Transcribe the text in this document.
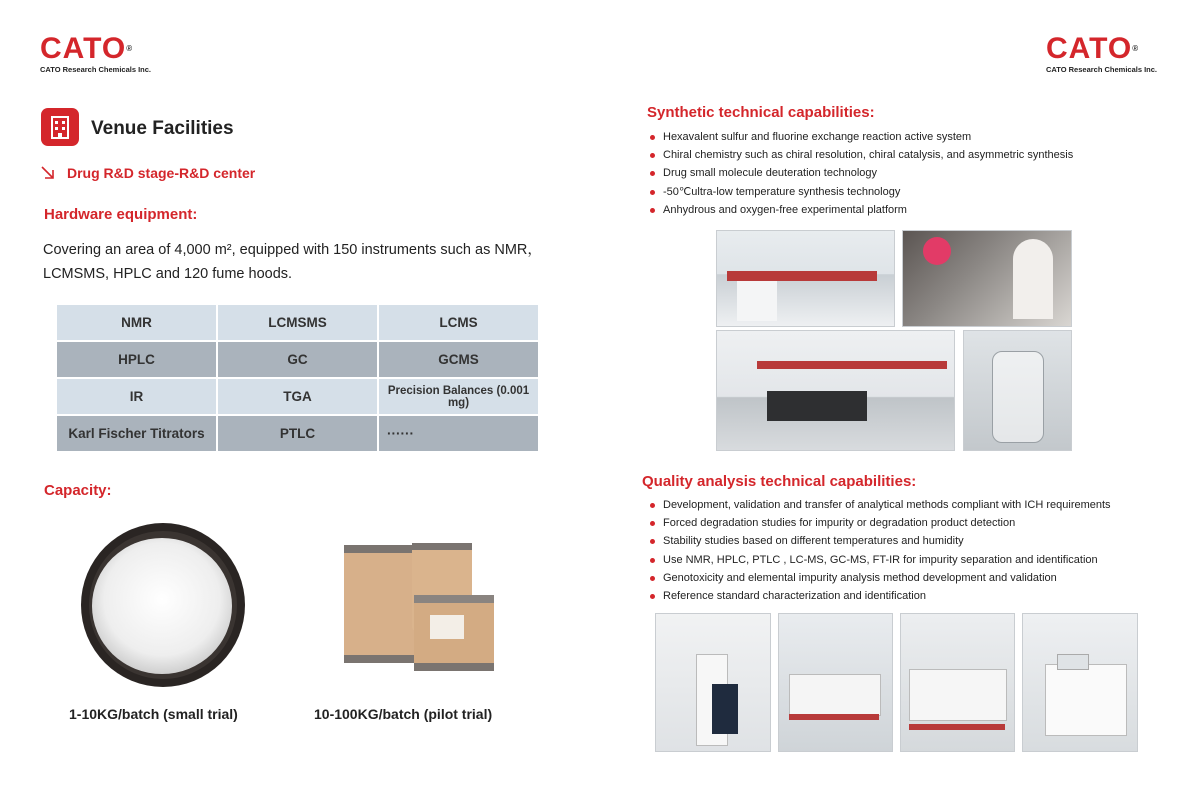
CATO®
CATO Research Chemicals Inc.
CATO®
CATO Research Chemicals Inc.
Venue Facilities
Drug R&D stage-R&D center
Hardware equipment:
Covering an area of 4,000 m², equipped with 150 instruments such as NMR，LCMSMS, HPLC and 120 fume hoods.
NMR	LCMSMS	LCMS
HPLC	GC	GCMS
IR	TGA	Precision Balances (0.001 mg)
Karl Fischer Titrators	PTLC	······
Capacity:
1-10KG/batch (small trial)	10-100KG/batch (pilot trial)
Synthetic technical capabilities:
Hexavalent sulfur and fluorine exchange reaction active system
Chiral chemistry such as chiral resolution, chiral catalysis, and asymmetric synthesis
Drug small molecule deuteration technology
-50℃ultra-low temperature synthesis technology
Anhydrous and oxygen-free experimental platform
Quality analysis technical capabilities:
Development, validation and transfer of analytical methods compliant with ICH requirements
Forced degradation studies for impurity or degradation product detection
Stability studies based on different temperatures and humidity
Use NMR, HPLC, PTLC , LC-MS, GC-MS, FT-IR for impurity separation and identification
Genotoxicity and elemental impurity analysis method development and validation
Reference standard characterization and identification
